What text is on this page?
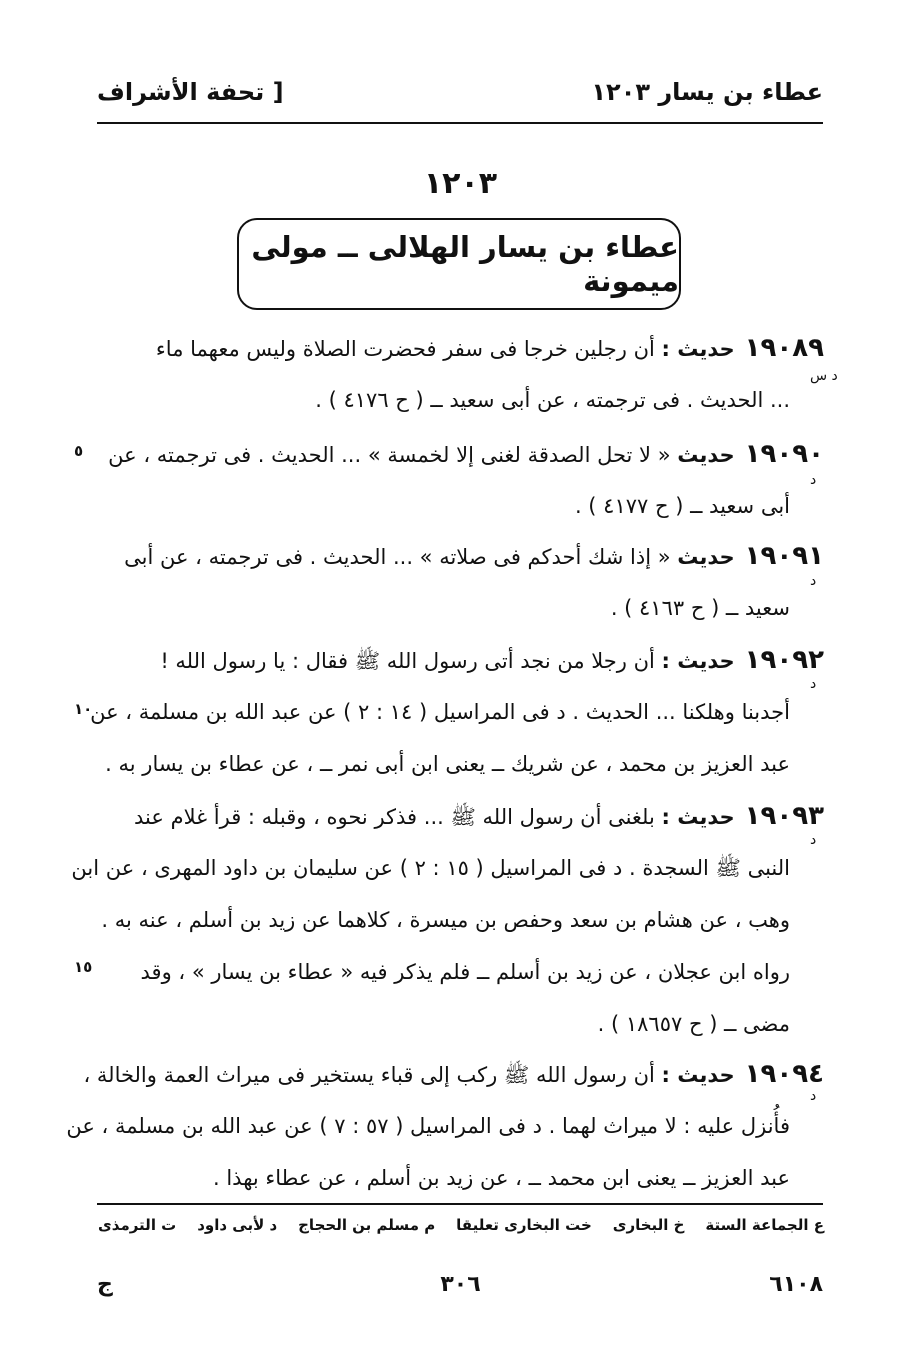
عطاء بن يسار ١٢٠٣
[ تحفة الأشراف
١٢٠٣
عطاء بن يسار الهلالى ــ مولى ميمونة
١٩٠٨٩حديث : أن رجلين خرجا فى سفر فحضرت الصلاة وليس معهما ماء
... الحديث . فى ترجمته ، عن أبى سعيد ــ ( ح ٤١٧٦ ) .
د س
١٩٠٩٠حديث « لا تحل الصدقة لغنى إلا لخمسة » ... الحديث . فى ترجمته ، عن
أبى سعيد ــ ( ح ٤١٧٧ ) .
د
٥
١٩٠٩١حديث « إذا شك أحدكم فى صلاته » ... الحديث . فى ترجمته ، عن أبى
سعيد ــ ( ح ٤١٦٣ ) .
د
١٩٠٩٢حديث : أن رجلا من نجد أتى رسول الله ﷺ فقال : يا رسول الله !
أجدبنا وهلكنا ... الحديث . د فى المراسيل ( ١٤ : ٢ ) عن عبد الله بن مسلمة ، عن
عبد العزيز بن محمد ، عن شريك ــ يعنى ابن أبى نمر ــ ، عن عطاء بن يسار به .
د
١٠
١٩٠٩٣حديث : بلغنى أن رسول الله ﷺ ... فذكر نحوه ، وقبله : قرأ غلام عند
النبى ﷺ السجدة . د فى المراسيل ( ١٥ : ٢ ) عن سليمان بن داود المهرى ، عن ابن
وهب ، عن هشام بن سعد وحفص بن ميسرة ، كلاهما عن زيد بن أسلم ، عنه به .
رواه ابن عجلان ، عن زيد بن أسلم ــ فلم يذكر فيه « عطاء بن يسار » ، وقد
مضى ــ ( ح ١٨٦٥٧ ) .
د
١٥
١٩٠٩٤حديث : أن رسول الله ﷺ ركب إلى قباء يستخير فى ميراث العمة والخالة ،
فأُنزل عليه : لا ميراث لهما . د فى المراسيل ( ٥٧ : ٧ ) عن عبد الله بن مسلمة ، عن
عبد العزيز ــ يعنى ابن محمد ــ ، عن زيد بن أسلم ، عن عطاء بهذا .
د
ع الجماعة الستة
خ البخارى
خت البخارى تعليقا
م مسلم بن الحجاج
د لأبى داود
ت الترمذى
٣٠٦	٦١٠٨
ج
